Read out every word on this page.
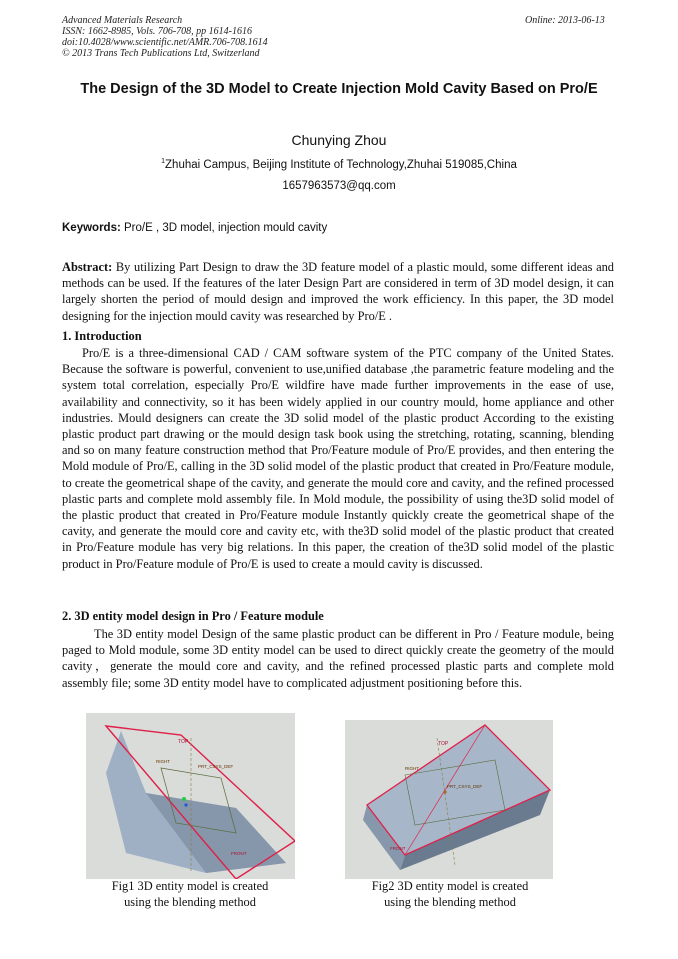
Advanced Materials Research
ISSN: 1662-8985, Vols. 706-708, pp 1614-1616
doi:10.4028/www.scientific.net/AMR.706-708.1614
© 2013 Trans Tech Publications Ltd, Switzerland
Online: 2013-06-13
The Design of the 3D Model to Create Injection Mold Cavity Based on Pro/E
Chunying Zhou
$^1$Zhuhai Campus, Beijing Institute of Technology,Zhuhai 519085,China
1657963573@qq.com
Keywords: Pro/E , 3D model, injection mould cavity
Abstract: By utilizing Part Design to draw the 3D feature model of a plastic mould, some different ideas and methods can be used. If the features of the later Design Part are considered in term of 3D model design, it can largely shorten the period of mould design and improved the work efficiency. In this paper, the 3D model designing for the injection mould cavity was researched by Pro/E .
1. Introduction
Pro/E is a three-dimensional CAD / CAM software system of the PTC company of the United States. Because the software is powerful, convenient to use,unified database ,the parametric feature modeling and the system total correlation, especially Pro/E wildfire have made further improvements in the ease of use, availability and connectivity, so it has been widely applied in our country mould, home appliance and other industries. Mould designers can create the 3D solid model of the plastic product According to the existing plastic product part drawing or the mould design task book using the stretching, rotating, scanning, blending and so on many feature construction method that Pro/Feature module of Pro/E provides, and then entering the Mold module of Pro/E, calling in the 3D solid model of the plastic product that created in Pro/Feature module, to create the geometrical shape of the cavity, and generate the mould core and cavity, and the refined processed plastic parts and complete mold assembly file. In Mold module, the possibility of using the3D solid model of the plastic product that created in Pro/Feature module Instantly quickly create the geometrical shape of the cavity, and generate the mould core and cavity etc, with the3D solid model of the plastic product that created in Pro/Feature module has very big relations. In this paper, the creation of the3D solid model of the plastic product in Pro/Feature module of Pro/E is used to create a mould cavity is discussed.
2. 3D entity model design in Pro / Feature module
The 3D entity model Design of the same plastic product can be different in Pro / Feature module, being paged to Mold module, some 3D entity model can be used to direct quickly create the geometry of the mould cavity，generate the mould core and cavity, and the refined processed plastic parts and complete mold assembly file; some 3D entity model have to complicated adjustment positioning before this.
TOP
RIGHT
PRT_CSYS_DEF
FRONT
TOP
RIGHT
PRT_CSYS_DEF
FRONT
Fig1 3D entity model is created
using the blending method
Fig2 3D entity model is created
using the blending method
